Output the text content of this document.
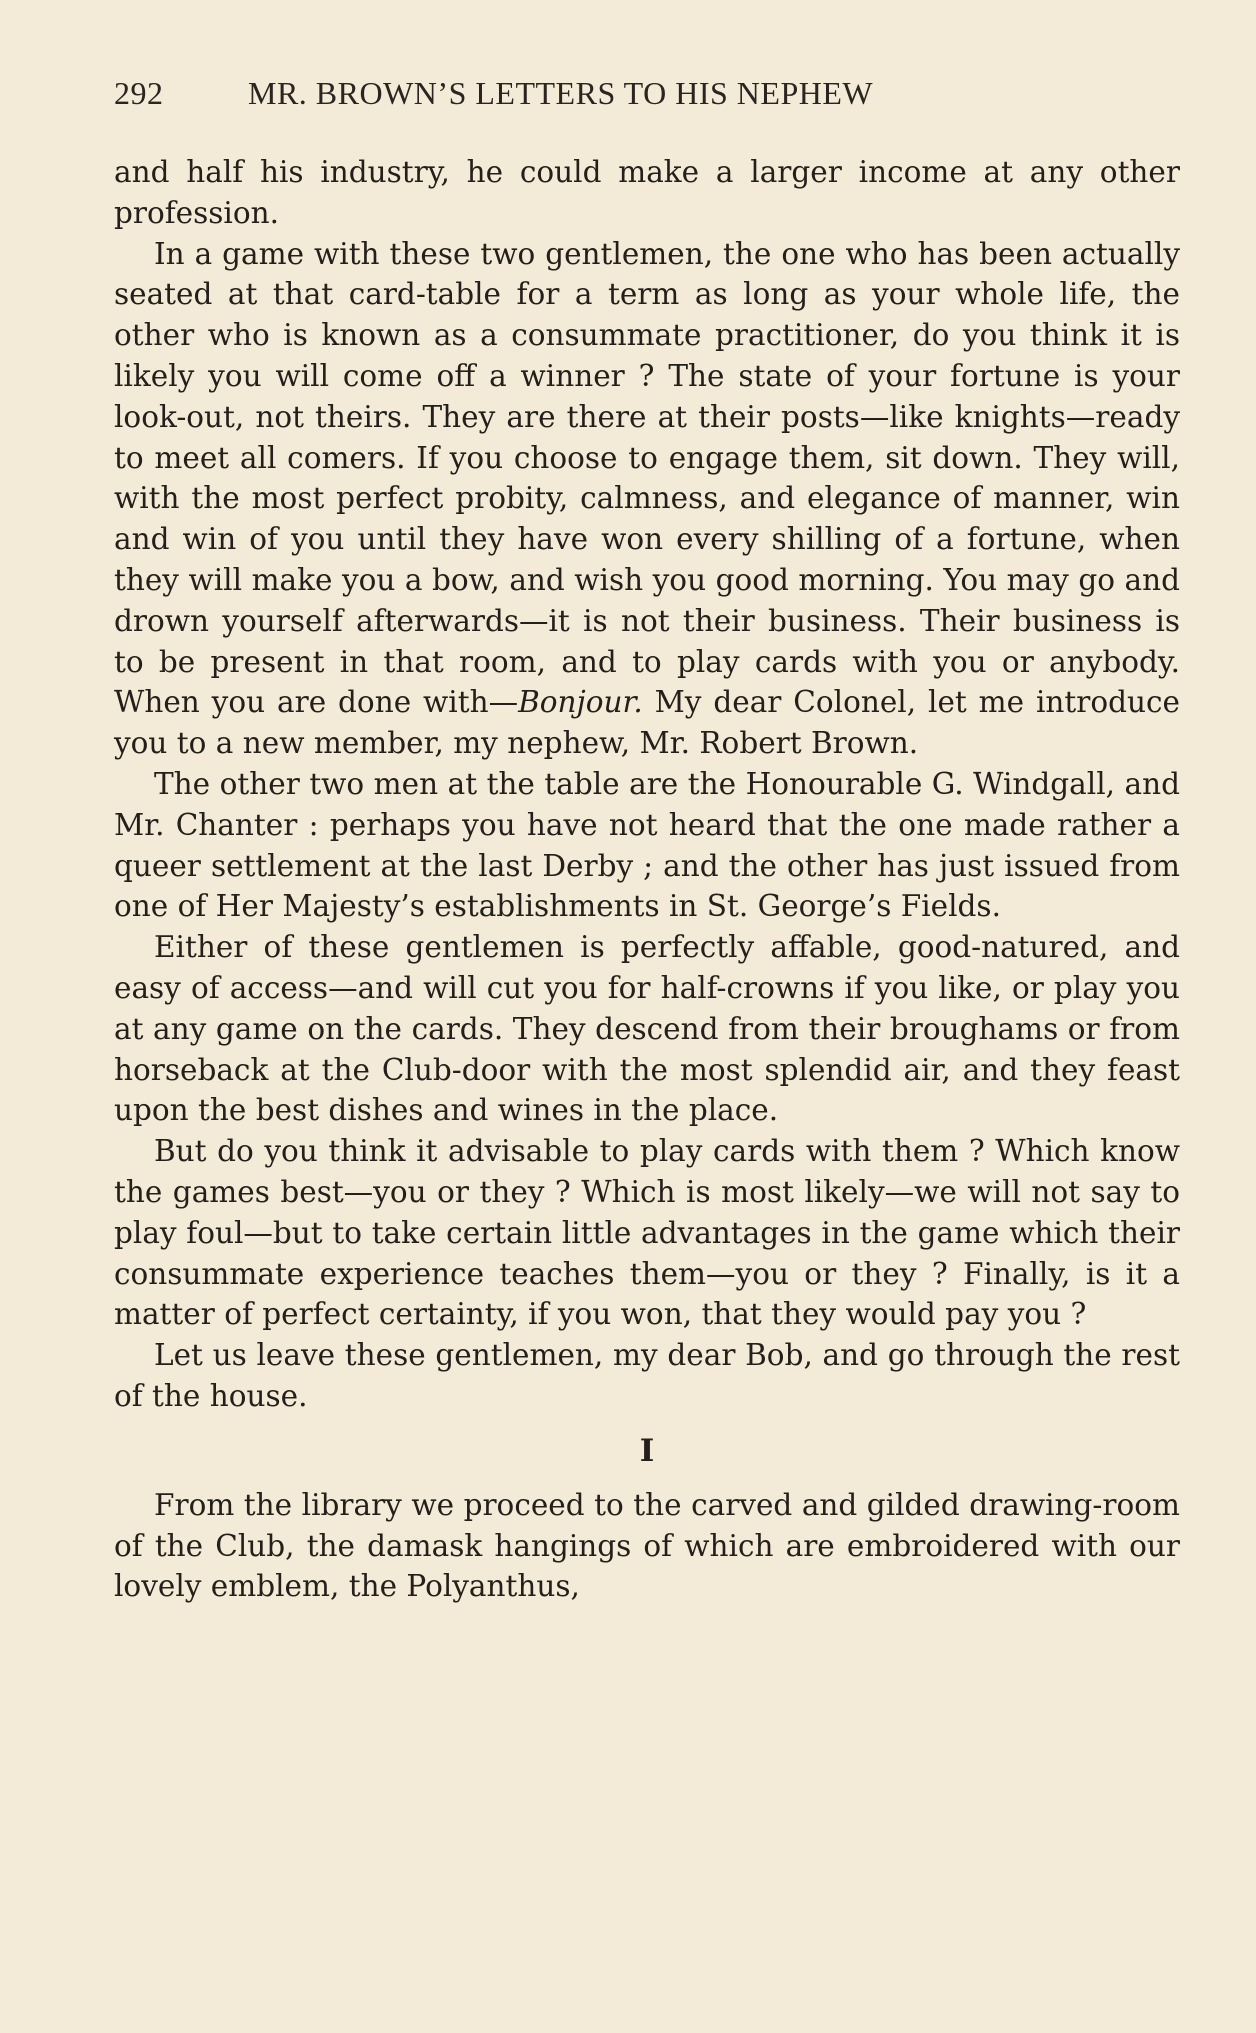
292	MR. BROWN’S LETTERS TO HIS NEPHEW

and half his industry, he could make a larger income at any other profession.

In a game with these two gentlemen, the one who has been actually seated at that card-table for a term as long as your whole life, the other who is known as a consummate practitioner, do you think it is likely you will come off a winner ? The state of your fortune is your look-out, not theirs. They are there at their posts—like knights—ready to meet all comers. If you choose to engage them, sit down. They will, with the most perfect probity, calmness, and elegance of manner, win and win of you until they have won every shilling of a fortune, when they will make you a bow, and wish you good morning. You may go and drown yourself afterwards—it is not their business. Their business is to be present in that room, and to play cards with you or anybody. When you are done with—Bonjour. My dear Colonel, let me introduce you to a new member, my nephew, Mr. Robert Brown.

The other two men at the table are the Honourable G. Windgall, and Mr. Chanter : perhaps you have not heard that the one made rather a queer settlement at the last Derby ; and the other has just issued from one of Her Majesty’s establishments in St. George’s Fields.

Either of these gentlemen is perfectly affable, good-natured, and easy of access—and will cut you for half-crowns if you like, or play you at any game on the cards. They descend from their broughams or from horseback at the Club-door with the most splendid air, and they feast upon the best dishes and wines in the place.

But do you think it advisable to play cards with them ? Which know the games best—you or they ? Which is most likely—we will not say to play foul—but to take certain little advantages in the game which their consummate experience teaches them—you or they ? Finally, is it a matter of perfect certainty, if you won, that they would pay you ?

Let us leave these gentlemen, my dear Bob, and go through the rest of the house.

I

From the library we proceed to the carved and gilded drawing-room of the Club, the damask hangings of which are embroidered with our lovely emblem, the Polyanthus,
